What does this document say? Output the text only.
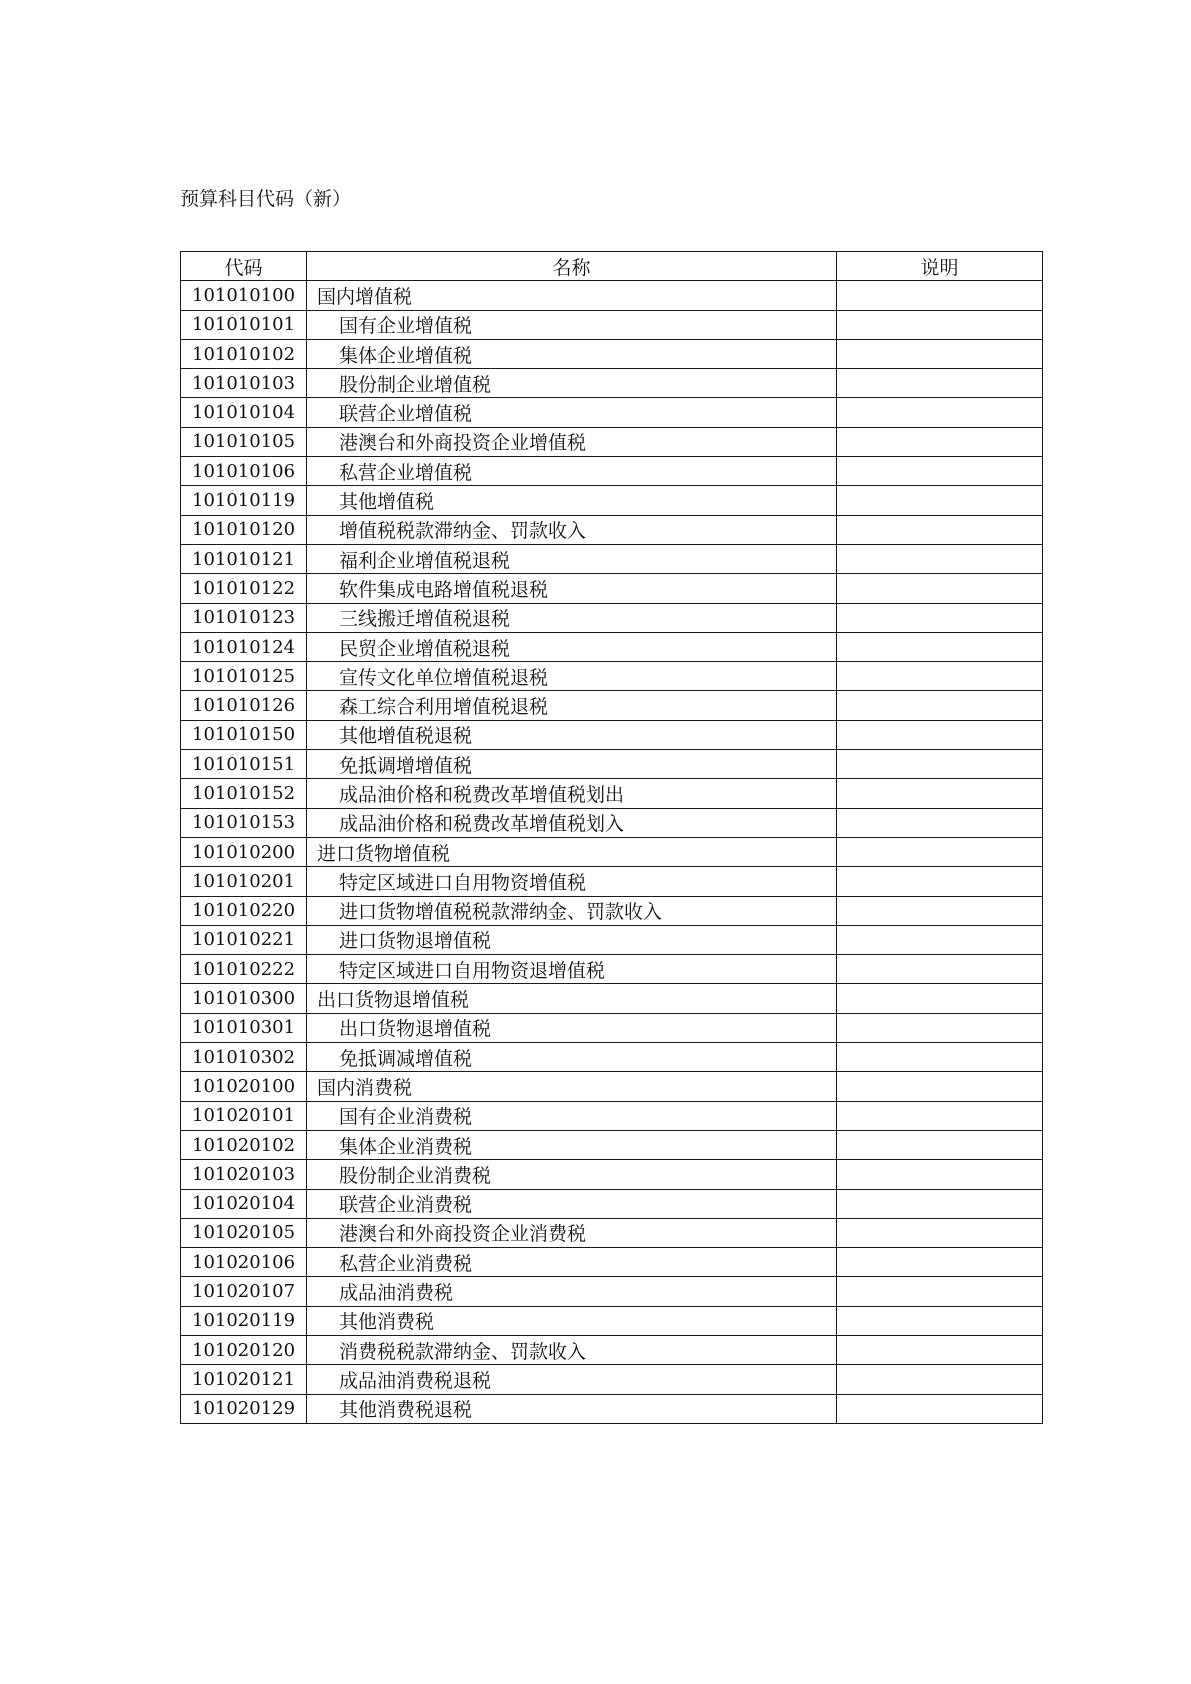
预算科目代码（新）
代码	名称	说明
101010100	国内增值税	
101010101	国有企业增值税	
101010102	集体企业增值税	
101010103	股份制企业增值税	
101010104	联营企业增值税	
101010105	港澳台和外商投资企业增值税	
101010106	私营企业增值税	
101010119	其他增值税	
101010120	增值税税款滞纳金、罚款收入	
101010121	福利企业增值税退税	
101010122	软件集成电路增值税退税	
101010123	三线搬迁增值税退税	
101010124	民贸企业增值税退税	
101010125	宣传文化单位增值税退税	
101010126	森工综合利用增值税退税	
101010150	其他增值税退税	
101010151	免抵调增增值税	
101010152	成品油价格和税费改革增值税划出	
101010153	成品油价格和税费改革增值税划入	
101010200	进口货物增值税	
101010201	特定区域进口自用物资增值税	
101010220	进口货物增值税税款滞纳金、罚款收入	
101010221	进口货物退增值税	
101010222	特定区域进口自用物资退增值税	
101010300	出口货物退增值税	
101010301	出口货物退增值税	
101010302	免抵调减增值税	
101020100	国内消费税	
101020101	国有企业消费税	
101020102	集体企业消费税	
101020103	股份制企业消费税	
101020104	联营企业消费税	
101020105	港澳台和外商投资企业消费税	
101020106	私营企业消费税	
101020107	成品油消费税	
101020119	其他消费税	
101020120	消费税税款滞纳金、罚款收入	
101020121	成品油消费税退税	
101020129	其他消费税退税	
